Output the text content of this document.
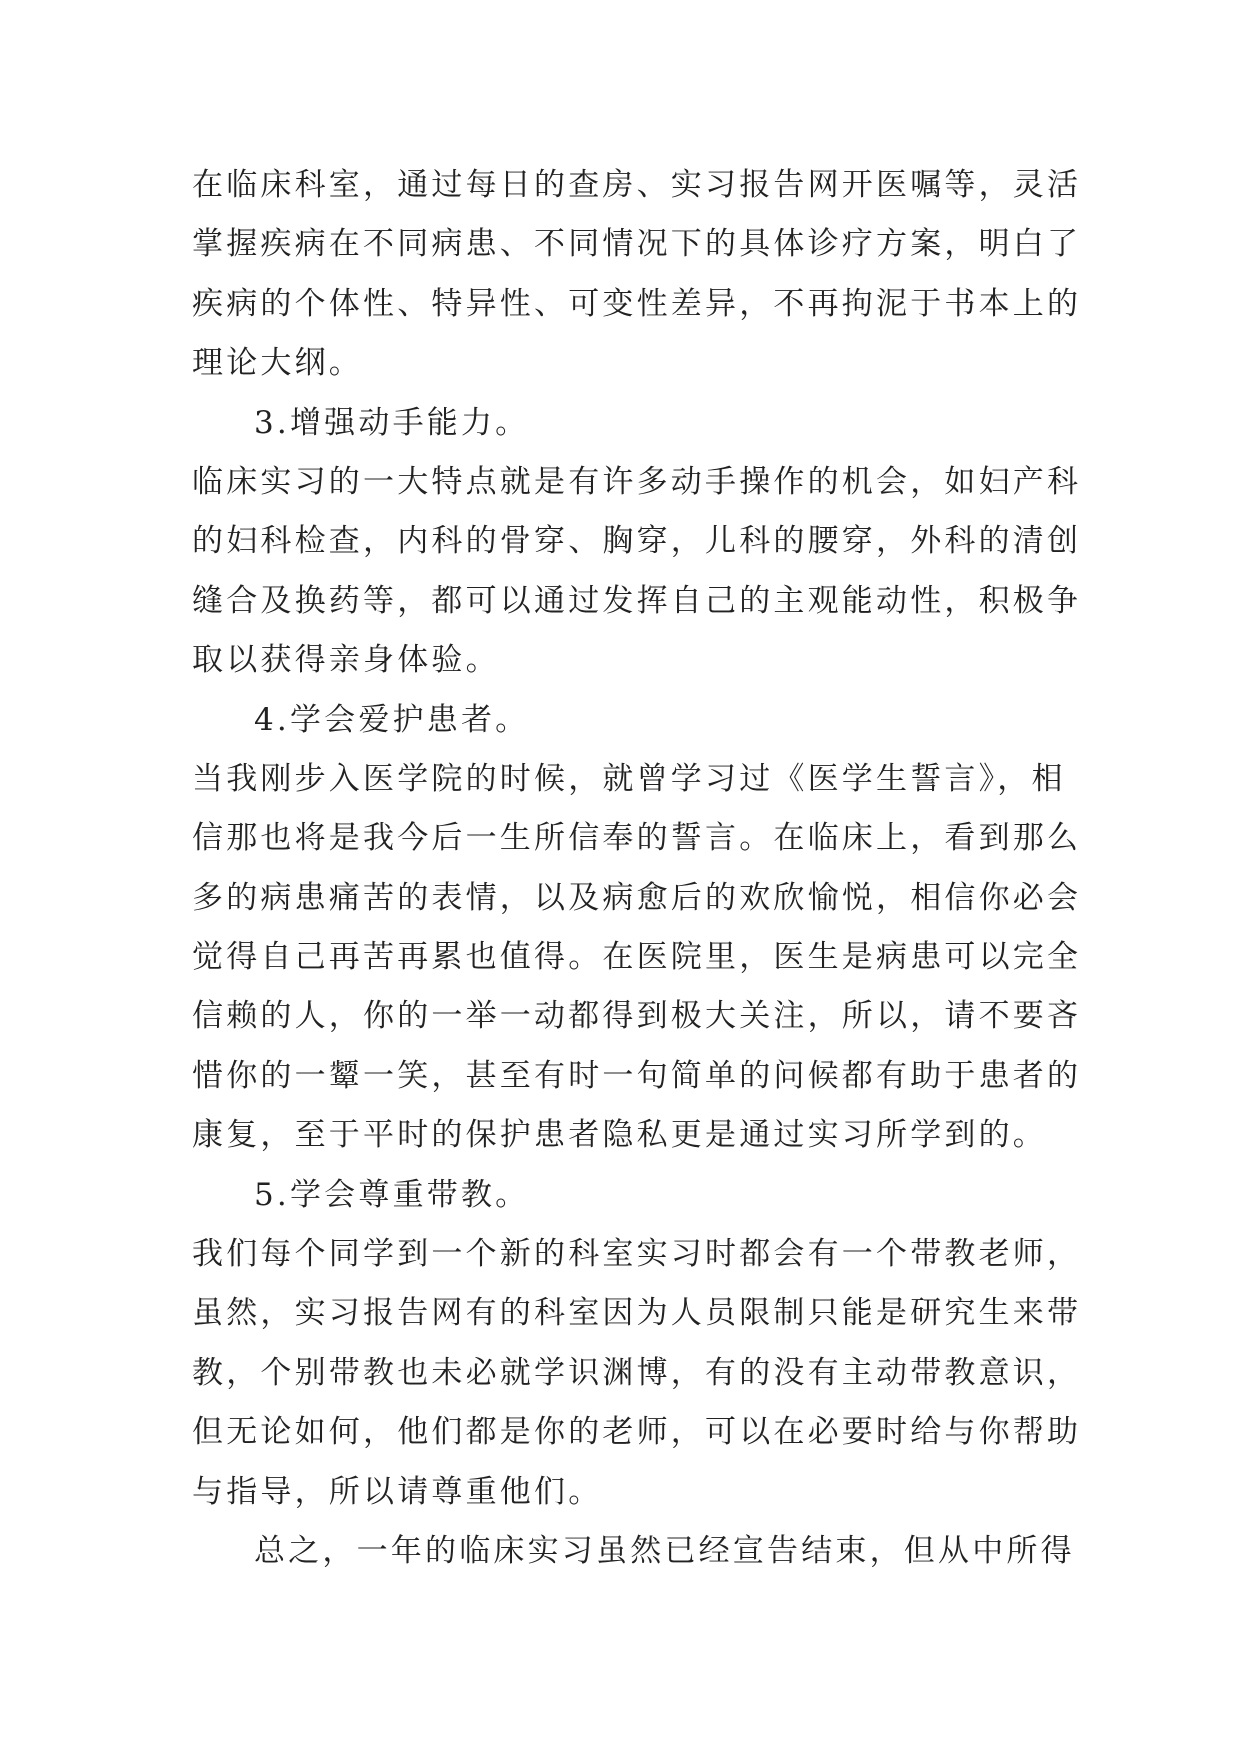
在临床科室，通过每日的查房、实习报告网开医嘱等，灵活
掌握疾病在不同病患、不同情况下的具体诊疗方案，明白了
疾病的个体性、特异性、可变性差异，不再拘泥于书本上的
理论大纲。
3.增强动手能力。
临床实习的一大特点就是有许多动手操作的机会，如妇产科
的妇科检查，内科的骨穿、胸穿，儿科的腰穿，外科的清创
缝合及换药等，都可以通过发挥自己的主观能动性，积极争
取以获得亲身体验。
4.学会爱护患者。
当我刚步入医学院的时候，就曾学习过《医学生誓言》，相
信那也将是我今后一生所信奉的誓言。在临床上，看到那么
多的病患痛苦的表情，以及病愈后的欢欣愉悦，相信你必会
觉得自己再苦再累也值得。在医院里，医生是病患可以完全
信赖的人，你的一举一动都得到极大关注，所以，请不要吝
惜你的一颦一笑，甚至有时一句简单的问候都有助于患者的
康复，至于平时的保护患者隐私更是通过实习所学到的。
5.学会尊重带教。
我们每个同学到一个新的科室实习时都会有一个带教老师，
虽然，实习报告网有的科室因为人员限制只能是研究生来带
教，个别带教也未必就学识渊博，有的没有主动带教意识，
但无论如何，他们都是你的老师，可以在必要时给与你帮助
与指导，所以请尊重他们。
总之，一年的临床实习虽然已经宣告结束，但从中所得
